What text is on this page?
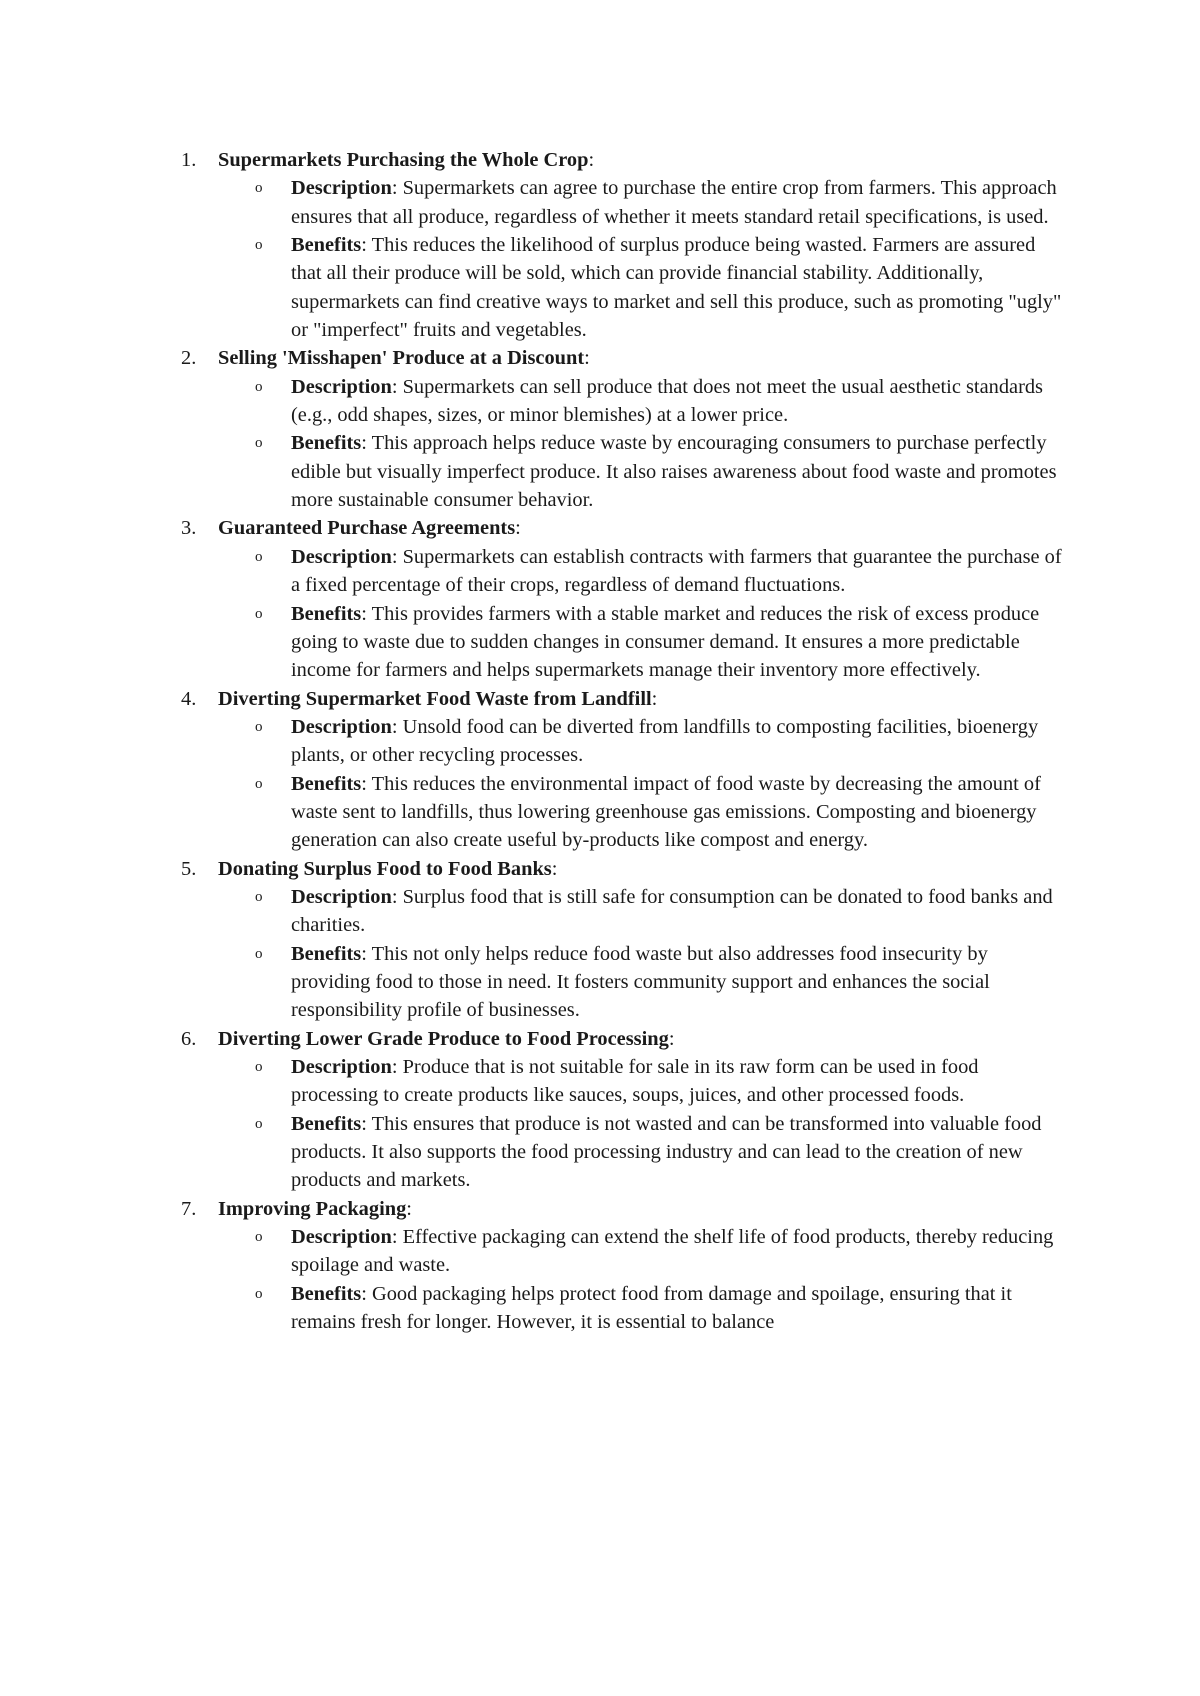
1. Supermarkets Purchasing the Whole Crop:

o Description: Supermarkets can agree to purchase the entire crop from farmers. This approach ensures that all produce, regardless of whether it meets standard retail specifications, is used.

o Benefits: This reduces the likelihood of surplus produce being wasted. Farmers are assured that all their produce will be sold, which can provide financial stability. Additionally, supermarkets can find creative ways to market and sell this produce, such as promoting "ugly" or "imperfect" fruits and vegetables.

2. Selling 'Misshapen' Produce at a Discount:

o Description: Supermarkets can sell produce that does not meet the usual aesthetic standards (e.g., odd shapes, sizes, or minor blemishes) at a lower price.

o Benefits: This approach helps reduce waste by encouraging consumers to purchase perfectly edible but visually imperfect produce. It also raises awareness about food waste and promotes more sustainable consumer behavior.

3. Guaranteed Purchase Agreements:

o Description: Supermarkets can establish contracts with farmers that guarantee the purchase of a fixed percentage of their crops, regardless of demand fluctuations.

o Benefits: This provides farmers with a stable market and reduces the risk of excess produce going to waste due to sudden changes in consumer demand. It ensures a more predictable income for farmers and helps supermarkets manage their inventory more effectively.

4. Diverting Supermarket Food Waste from Landfill:

o Description: Unsold food can be diverted from landfills to composting facilities, bioenergy plants, or other recycling processes.

o Benefits: This reduces the environmental impact of food waste by decreasing the amount of waste sent to landfills, thus lowering greenhouse gas emissions. Composting and bioenergy generation can also create useful by-products like compost and energy.

5. Donating Surplus Food to Food Banks:

o Description: Surplus food that is still safe for consumption can be donated to food banks and charities.

o Benefits: This not only helps reduce food waste but also addresses food insecurity by providing food to those in need. It fosters community support and enhances the social responsibility profile of businesses.

6. Diverting Lower Grade Produce to Food Processing:

o Description: Produce that is not suitable for sale in its raw form can be used in food processing to create products like sauces, soups, juices, and other processed foods.

o Benefits: This ensures that produce is not wasted and can be transformed into valuable food products. It also supports the food processing industry and can lead to the creation of new products and markets.

7. Improving Packaging:

o Description: Effective packaging can extend the shelf life of food products, thereby reducing spoilage and waste.

o Benefits: Good packaging helps protect food from damage and spoilage, ensuring that it remains fresh for longer. However, it is essential to balance
